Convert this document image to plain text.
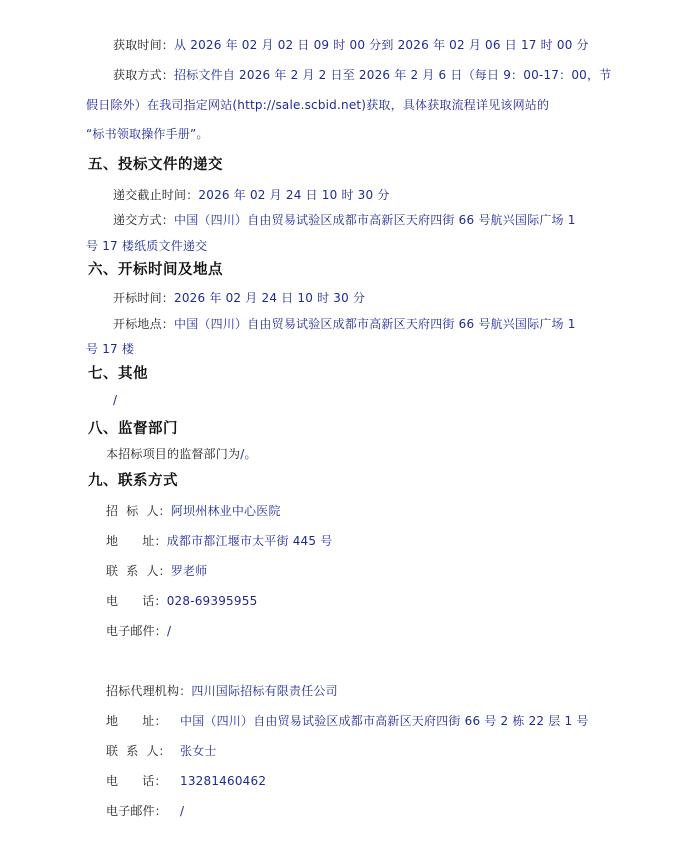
获取时间：从 2026 年 02 月 02 日 09 时 00 分到 2026 年 02 月 06 日 17 时 00 分
获取方式：招标文件自 2026 年 2 月 2 日至 2026 年 2 月 6 日（每日 9：00-17：00，节
假日除外）在我司指定网站(http://sale.scbid.net)获取，具体获取流程详见该网站的
“标书领取操作手册”。
五、投标文件的递交
递交截止时间：2026 年 02 月 24 日 10 时 30 分
递交方式：中国（四川）自由贸易试验区成都市高新区天府四街 66 号航兴国际广场 1
号 17 楼纸质文件递交
六、开标时间及地点
开标时间：2026 年 02 月 24 日 10 时 30 分
开标地点：中国（四川）自由贸易试验区成都市高新区天府四街 66 号航兴国际广场 1
号 17 楼
七、其他
/
八、监督部门
本招标项目的监督部门为/。
九、联系方式
招  标  人：阿坝州林业中心医院
地      址：成都市都江堰市太平街 445 号
联  系  人：罗老师
电      话：028-69395955
电子邮件：/
招标代理机构：四川国际招标有限责任公司
地      址： 中国（四川）自由贸易试验区成都市高新区天府四街 66 号 2 栋 22 层 1 号
联  系  人： 张女士
电      话： 13281460462
电子邮件： /
